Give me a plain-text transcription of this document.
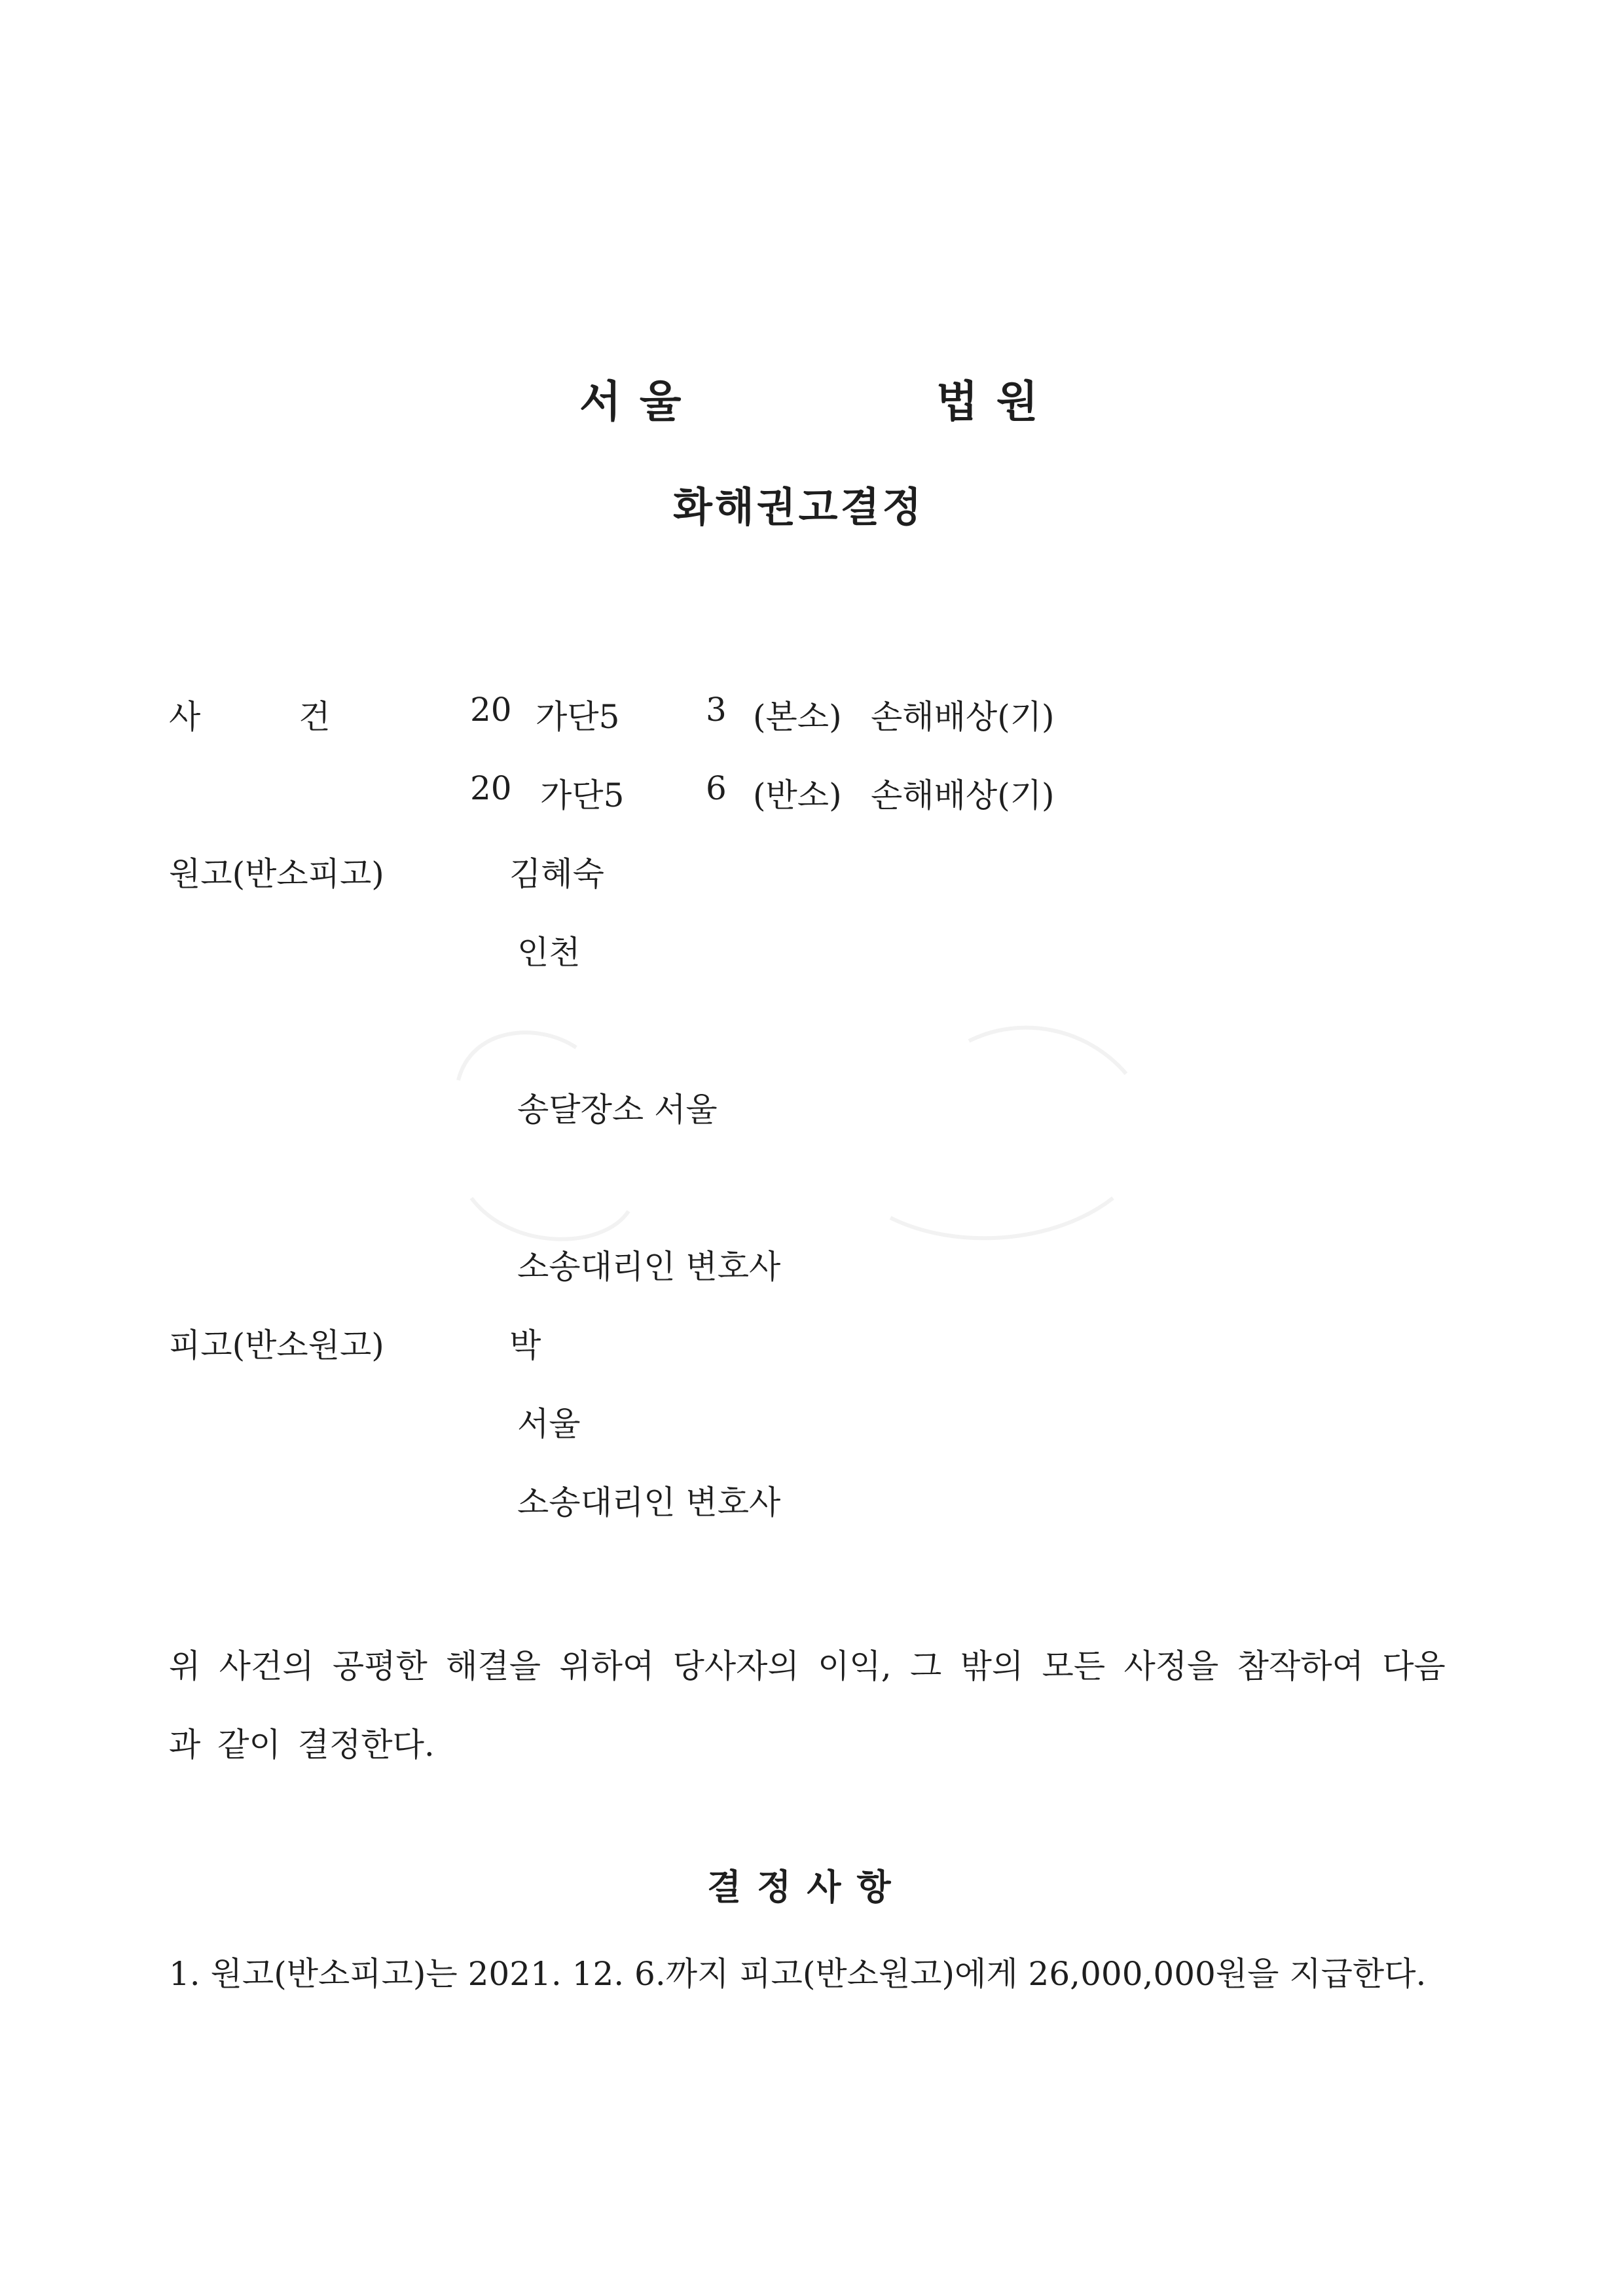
서울	법원
화해권고결정
사건 20 가단5	3 (본소) 손해배상(기)
20 가단5 6 (반소) 손해배상(기)
원고(반소피고)	김혜숙
인천
송달장소 서울
소송대리인 변호사
피고(반소원고)	박
서울
소송대리인 변호사
위 사건의 공평한 해결을 위하여 당사자의 이익, 그 밖의 모든 사정을 참작하여 다음
과 같이 결정한다.
결정사항
1. 원고(반소피고)는 2021. 12. 6.까지 피고(반소원고)에게 26,000,000원을 지급한다.
